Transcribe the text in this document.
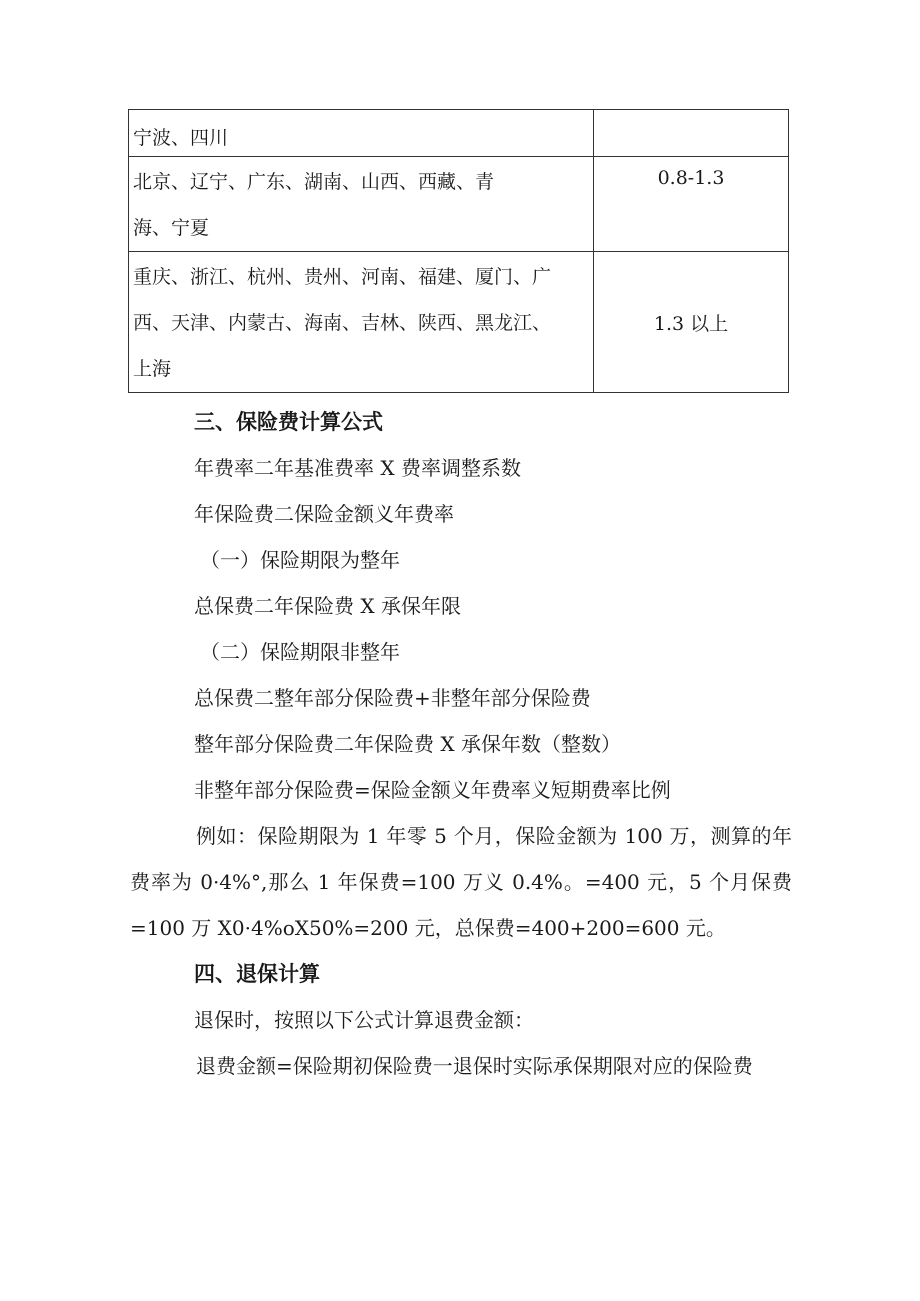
宁波、四川	

北京、辽宁、广东、湖南、山西、西藏、青
海、宁夏	0.8-1.3

重庆、浙江、杭州、贵州、河南、福建、厦门、广
西、天津、内蒙古、海南、吉林、陕西、黑龙江、
上海	1.3 以上
三、保险费计算公式
年费率二年基准费率 X 费率调整系数
年保险费二保险金额义年费率
（一）保险期限为整年
总保费二年保险费 X 承保年限
（二）保险期限非整年
总保费二整年部分保险费+非整年部分保险费
整年部分保险费二年保险费 X 承保年数（整数）
非整年部分保险费=保险金额义年费率义短期费率比例
例如：保险期限为 1 年零 5 个月，保险金额为 100 万，测算的年费率为 0·4%°,那么 1 年保费=100 万义 0.4%。=400 元，5 个月保费=100 万 X0·4%oX50%=200 元，总保费=400+200=600 元。
四、退保计算
退保时，按照以下公式计算退费金额：
退费金额=保险期初保险费一退保时实际承保期限对应的保险费
